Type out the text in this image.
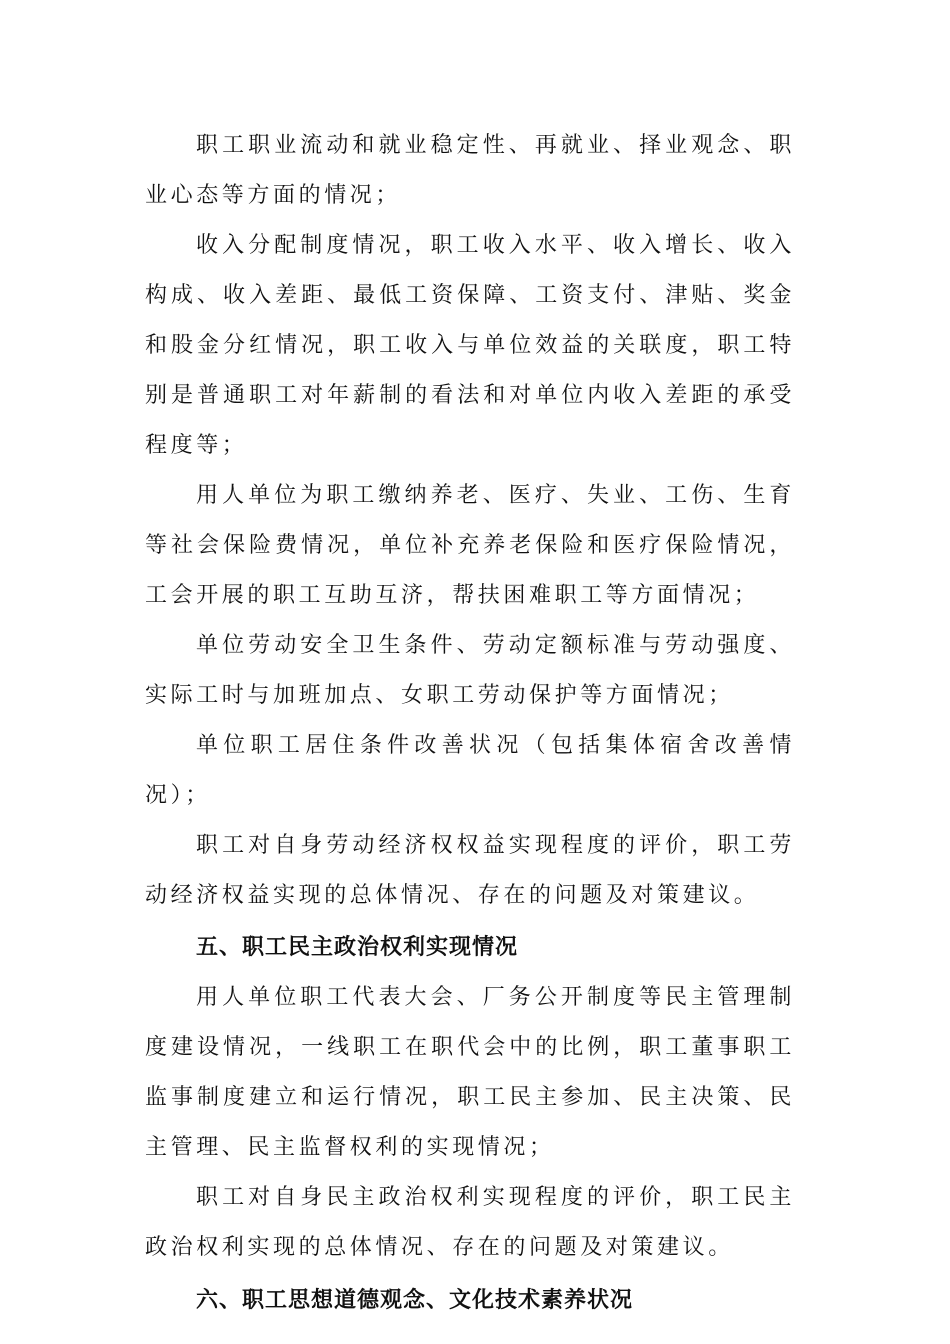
职工职业流动和就业稳定性、再就业、择业观念、职业心态等方面的情况；

收入分配制度情况，职工收入水平、收入增长、收入构成、收入差距、最低工资保障、工资支付、津贴、奖金和股金分红情况，职工收入与单位效益的关联度，职工特别是普通职工对年薪制的看法和对单位内收入差距的承受程度等；

用人单位为职工缴纳养老、医疗、失业、工伤、生育等社会保险费情况，单位补充养老保险和医疗保险情况，工会开展的职工互助互济，帮扶困难职工等方面情况；

单位劳动安全卫生条件、劳动定额标准与劳动强度、实际工时与加班加点、女职工劳动保护等方面情况；

单位职工居住条件改善状况（包括集体宿舍改善情况）；

职工对自身劳动经济权权益实现程度的评价，职工劳动经济权益实现的总体情况、存在的问题及对策建议。

五、职工民主政治权利实现情况

用人单位职工代表大会、厂务公开制度等民主管理制度建设情况，一线职工在职代会中的比例，职工董事职工监事制度建立和运行情况，职工民主参加、民主决策、民主管理、民主监督权利的实现情况；

职工对自身民主政治权利实现程度的评价，职工民主政治权利实现的总体情况、存在的问题及对策建议。

六、职工思想道德观念、文化技术素养状况
